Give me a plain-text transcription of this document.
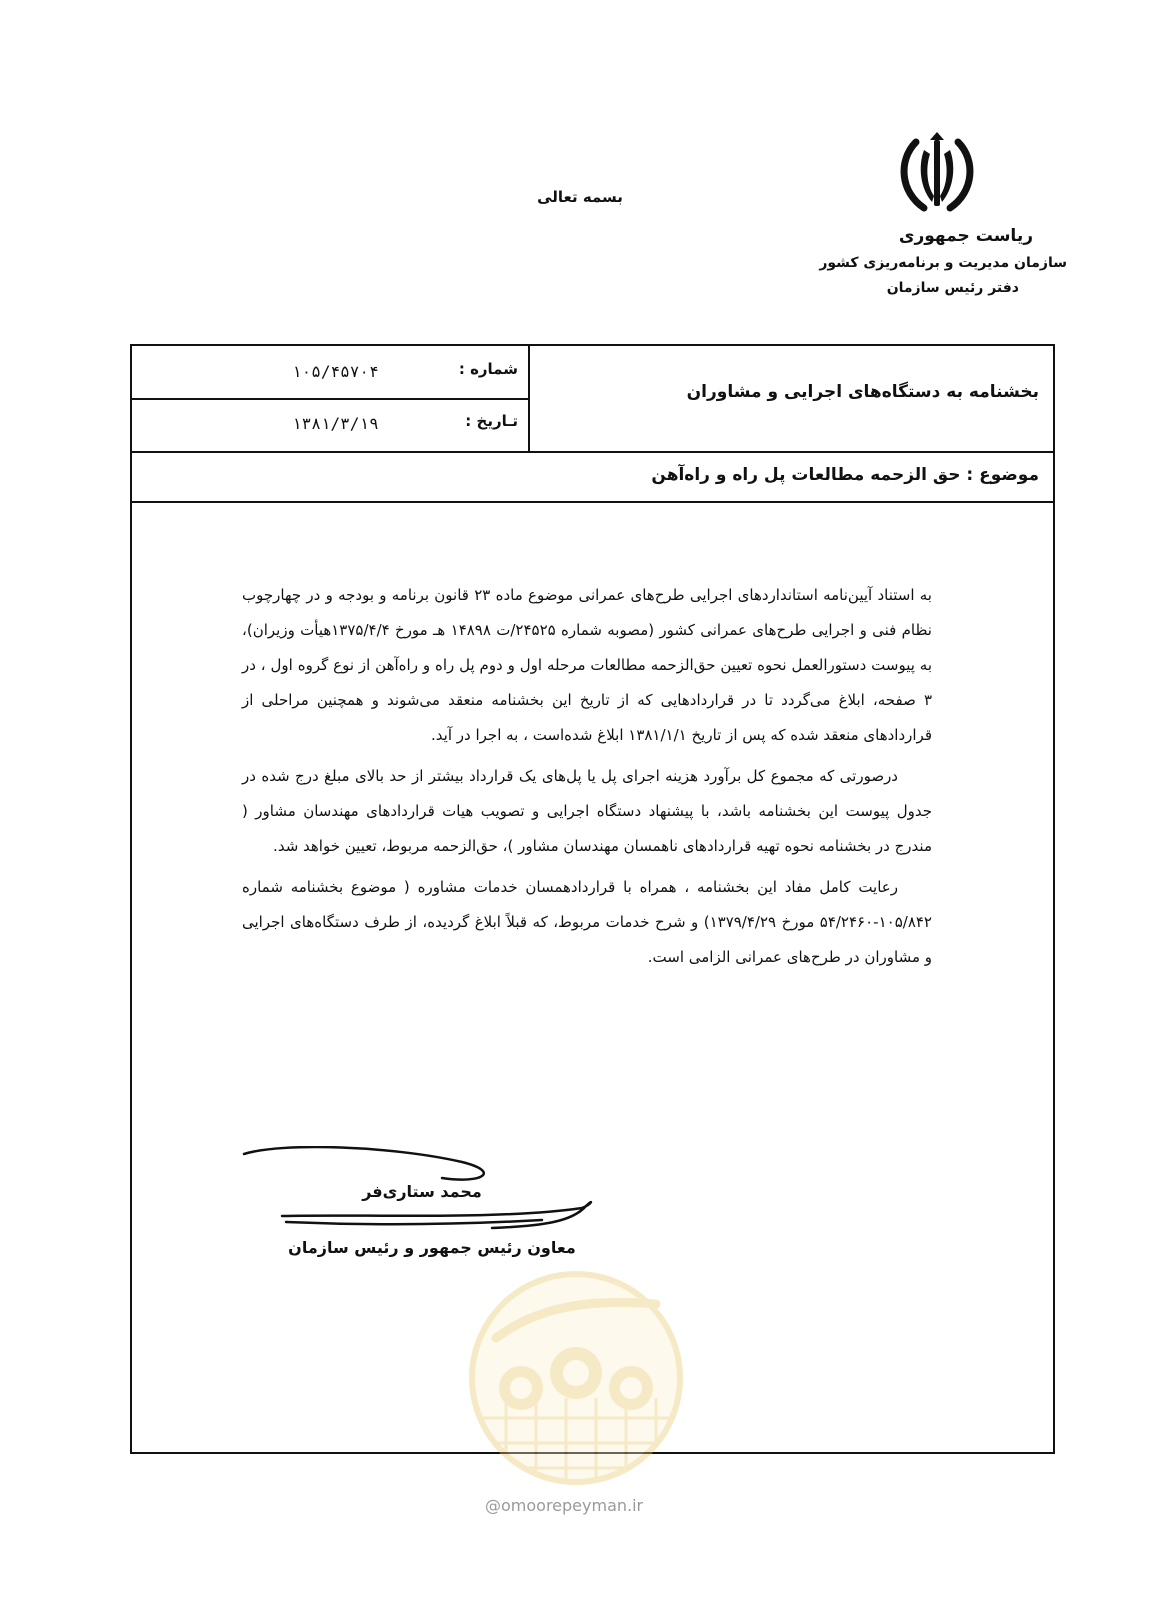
بسمه تعالی
ریاست جمهوری
سازمان مدیریت و برنامه‌ریزی کشور
دفتر رئیس سازمان
شماره :
۱۰۵/۴۵۷۰۴
تـاریخ :
۱۳۸۱/۳/۱۹
بخشنامه به دستگاه‌های اجرایی و مشاوران
موضوع : حق الزحمه مطالعات پل راه و راه‌آهن

به استناد آیین‌نامه استانداردهای اجرایی طرح‌های عمرانی موضوع ماده ۲۳ قانون برنامه و بودجه و در چهارچوب نظام فنی و اجرایی طرح‌های عمرانی کشور (مصوبه شماره ۲۴۵۲۵/ت ۱۴۸۹۸ هـ مورخ ۱۳۷۵/۴/۴هیأت وزیران)، به پیوست دستورالعمل نحوه تعیین حق‌الزحمه مطالعات مرحله اول و دوم پل راه و راه‌آهن از نوع گروه اول ، در ۳ صفحه، ابلاغ می‌گردد تا در قراردادهایی که از تاریخ این بخشنامه منعقد می‌شوند و همچنین مراحلی از قراردادهای منعقد شده که پس از تاریخ ۱۳۸۱/۱/۱ ابلاغ شده‌است ، به اجرا در آید.

درصورتی که مجموع کل برآورد هزینه اجرای پل یا پل‌های یک قرارداد بیشتر از حد بالای مبلغ درج شده در جدول پیوست این بخشنامه باشد، با پیشنهاد دستگاه اجرایی و تصویب هیات قراردادهای مهندسان مشاور ( مندرج در بخشنامه نحوه تهیه قراردادهای ناهمسان مهندسان مشاور )، حق‌الزحمه مربوط، تعیین خواهد شد.

رعایت کامل مفاد این بخشنامه ، همراه با قراردادهمسان خدمات مشاوره ( موضوع بخشنامه شماره ۱۰۵/۸۴۲-۵۴/۲۴۶۰ مورخ ۱۳۷۹/۴/۲۹) و شرح خدمات مربوط، که قبلاً ابلاغ گردیده، از طرف دستگاه‌های اجرایی و مشاوران در طرح‌های عمرانی الزامی است.

محمد ستاری‌فر
معاون رئیس جمهور و رئیس سازمان
@omoorepeyman.ir
